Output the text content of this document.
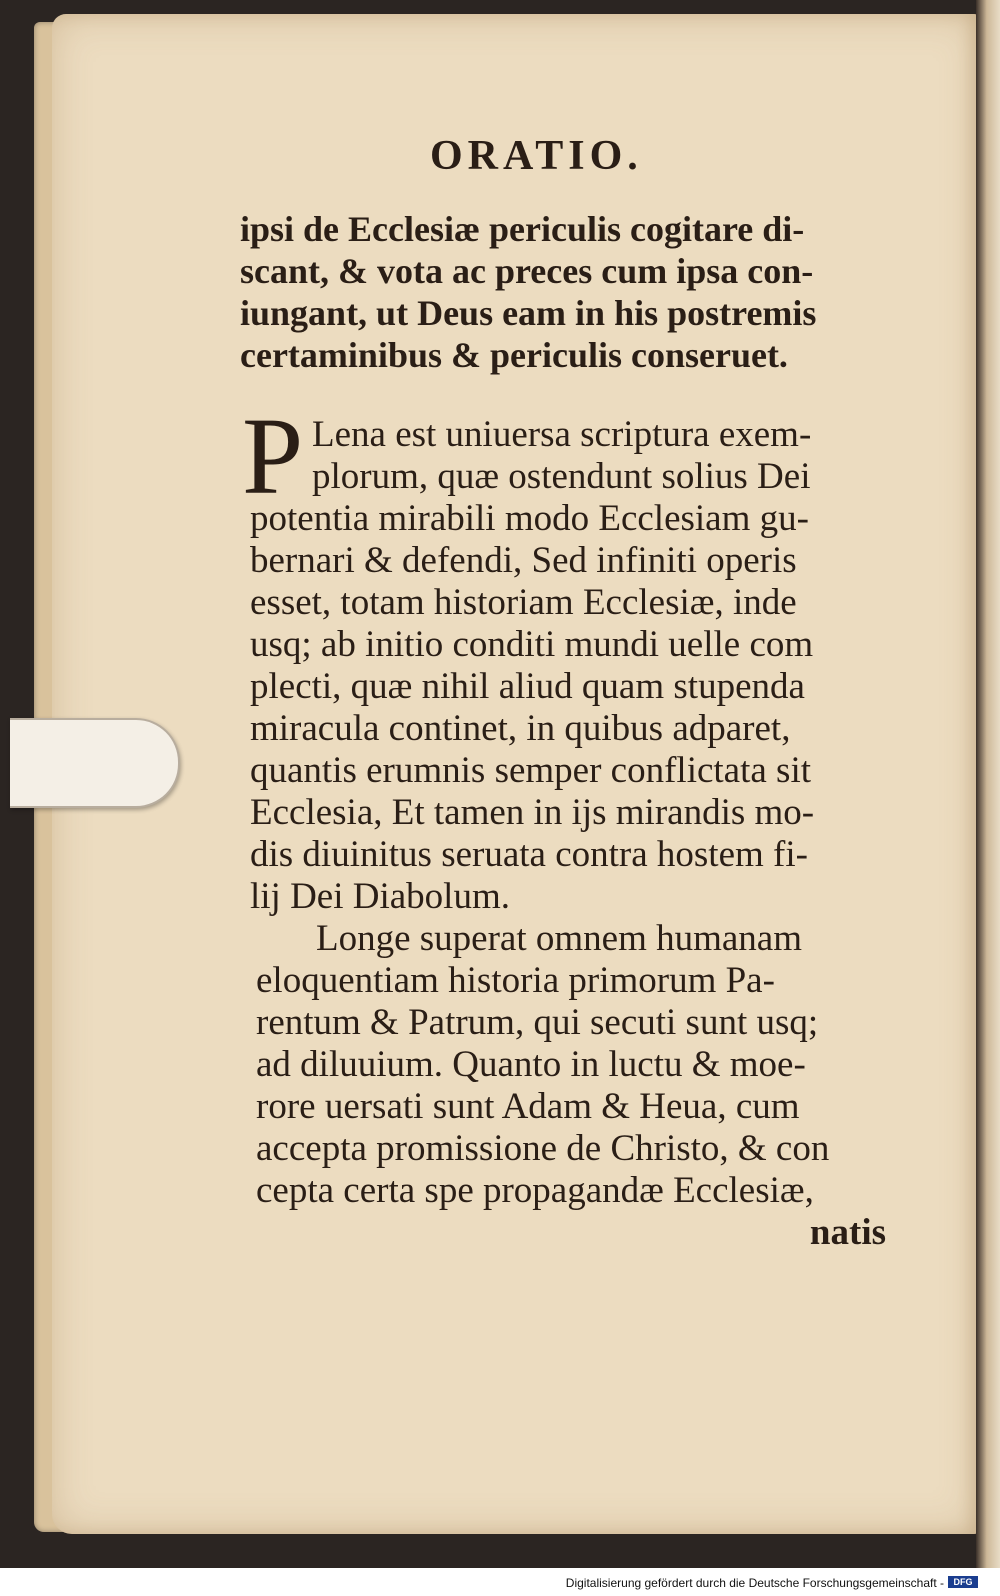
ORATIO.
ipsi de Ecclesiæ periculis cogitare di-
scant, & vota ac preces cum ipsa con-
iungant, ut Deus eam in his postremis
certaminibus & periculis conseruet.
P Lena est uniuersa scriptura exem-
plorum, quæ ostendunt solius Dei
potentia mirabili modo Ecclesiam gu-
bernari & defendi, Sed infiniti operis
esset, totam historiam Ecclesiæ, inde
usq; ab initio conditi mundi uelle com
plecti, quæ nihil aliud quam stupenda
miracula continet, in quibus adparet,
quantis erumnis semper conflictata sit
Ecclesia, Et tamen in ijs mirandis mo-
dis diuinitus seruata contra hostem fi-
lij Dei Diabolum.
Longe superat omnem humanam
eloquentiam historia primorum Pa-
rentum & Patrum, qui secuti sunt usq;
ad diluuium. Quanto in luctu & moe-
rore uersati sunt Adam & Heua, cum
accepta promissione de Christo, & con
cepta certa spe propagandæ Ecclesiæ,
natis
Digitalisierung gefördert durch die Deutsche Forschungsgemeinschaft -	DFG
